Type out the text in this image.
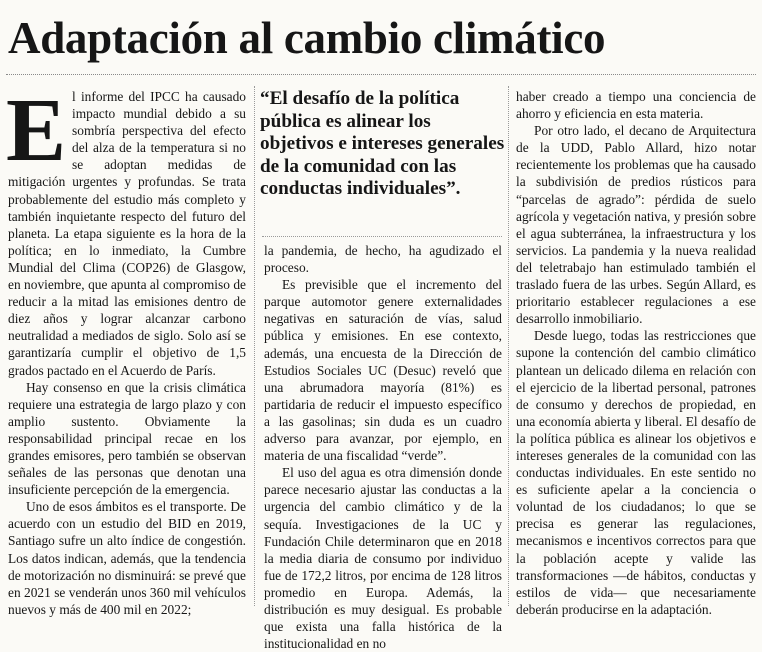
Adaptación al cambio climático

El informe del IPCC ha causado impacto mundial debido a su sombría perspectiva del efecto del alza de la temperatura si no se adoptan medidas de mitigación urgentes y profundas. Se trata probablemente del estudio más completo y también inquietante respecto del futuro del planeta. La etapa siguiente es la hora de la política; en lo inmediato, la Cumbre Mundial del Clima (COP26) de Glasgow, en noviembre, que apunta al compromiso de reducir a la mitad las emisiones dentro de diez años y lograr alcanzar carbono neutralidad a mediados de siglo. Solo así se garantizaría cumplir el objetivo de 1,5 grados pactado en el Acuerdo de París.

Hay consenso en que la crisis climática requiere una estrategia de largo plazo y con amplio sustento. Obviamente la responsabilidad principal recae en los grandes emisores, pero también se observan señales de las personas que denotan una insuficiente percepción de la emergencia.

Uno de esos ámbitos es el transporte. De acuerdo con un estudio del BID en 2019, Santiago sufre un alto índice de congestión. Los datos indican, además, que la tendencia de motorización no disminuirá: se prevé que en 2021 se venderán unos 360 mil vehículos nuevos y más de 400 mil en 2022;

“El desafío de la política pública es alinear los objetivos e intereses generales de la comunidad con las conductas individuales”.

la pandemia, de hecho, ha agudizado el proceso.

Es previsible que el incremento del parque automotor genere externalidades negativas en saturación de vías, salud pública y emisiones. En ese contexto, además, una encuesta de la Dirección de Estudios Sociales UC (Desuc) reveló que una abrumadora mayoría (81%) es partidaria de reducir el impuesto específico a las gasolinas; sin duda es un cuadro adverso para avanzar, por ejemplo, en materia de una fiscalidad “verde”.

El uso del agua es otra dimensión donde parece necesario ajustar las conductas a la urgencia del cambio climático y de la sequía. Investigaciones de la UC y Fundación Chile determinaron que en 2018 la media diaria de consumo por individuo fue de 172,2 litros, por encima de 128 litros promedio en Europa. Además, la distribución es muy desigual. Es probable que exista una falla histórica de la institucionalidad en no

haber creado a tiempo una conciencia de ahorro y eficiencia en esta materia.

Por otro lado, el decano de Arquitectura de la UDD, Pablo Allard, hizo notar recientemente los problemas que ha causado la subdivisión de predios rústicos para “parcelas de agrado”: pérdida de suelo agrícola y vegetación nativa, y presión sobre el agua subterránea, la infraestructura y los servicios. La pandemia y la nueva realidad del teletrabajo han estimulado también el traslado fuera de las urbes. Según Allard, es prioritario establecer regulaciones a ese desarrollo inmobiliario.

Desde luego, todas las restricciones que supone la contención del cambio climático plantean un delicado dilema en relación con el ejercicio de la libertad personal, patrones de consumo y derechos de propiedad, en una economía abierta y liberal. El desafío de la política pública es alinear los objetivos e intereses generales de la comunidad con las conductas individuales. En este sentido no es suficiente apelar a la conciencia o voluntad de los ciudadanos; lo que se precisa es generar las regulaciones, mecanismos e incentivos correctos para que la población acepte y valide las transformaciones —de hábitos, conductas y estilos de vida— que necesariamente deberán producirse en la adaptación.
